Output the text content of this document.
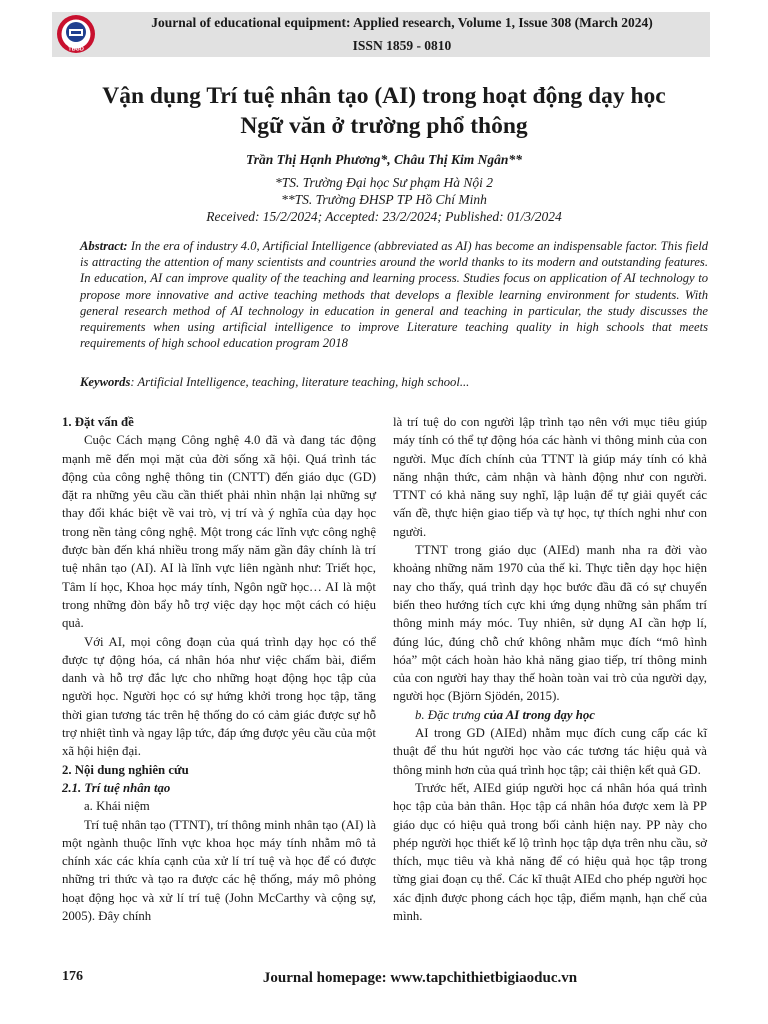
TBGD
Journal of educational equipment: Applied research, Volume 1, Issue 308 (March 2024)
ISSN 1859 - 0810
Vận dụng Trí tuệ nhân tạo (AI) trong hoạt động dạy học
Ngữ văn ở trường phổ thông
Trần Thị Hạnh Phương*, Châu Thị Kim Ngân**
*TS. Trường Đại học Sư phạm Hà Nội 2
**TS. Trường ĐHSP TP Hồ Chí Minh
Received: 15/2/2024; Accepted: 23/2/2024; Published: 01/3/2024
Abstract: In the era of industry 4.0, Artificial Intelligence (abbreviated as AI) has become an indispensable factor. This field is attracting the attention of many scientists and countries around the world thanks to its modern and outstanding features. In education, AI can improve quality of the teaching and learning process. Studies focus on application of AI technology to propose more innovative and active teaching methods that develops a flexible learning environment for students. With general research method of AI technology in education in general and teaching in particular, the study discusses the requirements when using artificial intelligence to improve Literature teaching quality in high schools that meets requirements of high school education program 2018
Keywords: Artificial Intelligence, teaching, literature teaching, high school...

1. Đặt vấn đề

Cuộc Cách mạng Công nghệ 4.0 đã và đang tác động mạnh mẽ đến mọi mặt của đời sống xã hội. Quá trình tác động của công nghệ thông tin (CNTT) đến giáo dục (GD) đặt ra những yêu cầu cần thiết phải nhìn nhận lại những sự thay đổi khác biệt về vai trò, vị trí và ý nghĩa của dạy học trong nền tảng công nghệ. Một trong các lĩnh vực công nghệ được bàn đến khá nhiều trong mấy năm gần đây chính là trí tuệ nhân tạo (AI). AI là lĩnh vực liên ngành như: Triết học, Tâm lí học, Khoa học máy tính, Ngôn ngữ học… AI là một trong những đòn bẩy hỗ trợ việc dạy học một cách có hiệu quả.

Với AI, mọi công đoạn của quá trình dạy học có thể được tự động hóa, cá nhân hóa như việc chấm bài, điểm danh và hỗ trợ đắc lực cho những hoạt động học tập của người học. Người học có sự hứng khởi trong học tập, tăng thời gian tương tác trên hệ thống do có cảm giác được sự hỗ trợ nhiệt tình và ngay lập tức, đáp ứng được yêu cầu của một xã hội hiện đại.

2. Nội dung nghiên cứu

2.1. Trí tuệ nhân tạo

a. Khái niệm

Trí tuệ nhân tạo (TTNT), trí thông minh nhân tạo (AI) là một ngành thuộc lĩnh vực khoa học máy tính nhằm mô tả chính xác các khía cạnh của xử lí trí tuệ và học để có được những tri thức và tạo ra được các hệ thống, máy mô phỏng hoạt động học và xử lí trí tuệ (John McCarthy và cộng sự, 2005). Đây chính

là trí tuệ do con người lập trình tạo nên với mục tiêu giúp máy tính có thể tự động hóa các hành vi thông minh của con người. Mục đích chính của TTNT là giúp máy tính có khả năng nhận thức, cảm nhận và hành động như con người. TTNT có khả năng suy nghĩ, lập luận để tự giải quyết các vấn đề, thực hiện giao tiếp và tự học, tự thích nghi như con người.

TTNT trong giáo dục (AIEd) manh nha ra đời vào khoảng những năm 1970 của thế kỉ. Thực tiễn dạy học hiện nay cho thấy, quá trình dạy học bước đầu đã có sự chuyển biến theo hướng tích cực khi ứng dụng những sản phẩm trí thông minh máy móc. Tuy nhiên, sử dụng AI cần hợp lí, đúng lúc, đúng chỗ chứ không nhằm mục đích “mô hình hóa” một cách hoàn hảo khả năng giao tiếp, trí thông minh của con người hay thay thế hoàn toàn vai trò của người dạy, người học (Björn Sjödén, 2015).

b. Đặc trưng của AI trong dạy học

AI trong GD (AIEd) nhằm mục đích cung cấp các kĩ thuật để thu hút người học vào các tương tác hiệu quả và thông minh hơn của quá trình học tập; cải thiện kết quả GD.

Trước hết, AIEd giúp người học cá nhân hóa quá trình học tập của bản thân. Học tập cá nhân hóa được xem là PP giáo dục có hiệu quả trong bối cảnh hiện nay. PP này cho phép người học thiết kế lộ trình học tập dựa trên nhu cầu, sở thích, mục tiêu và khả năng để có hiệu quả học tập trong từng giai đoạn cụ thể. Các kĩ thuật AIEd cho phép người học xác định được phong cách học tập, điểm mạnh, hạn chế của mình.

176	Journal homepage: www.tapchithietbigiaoduc.vn
